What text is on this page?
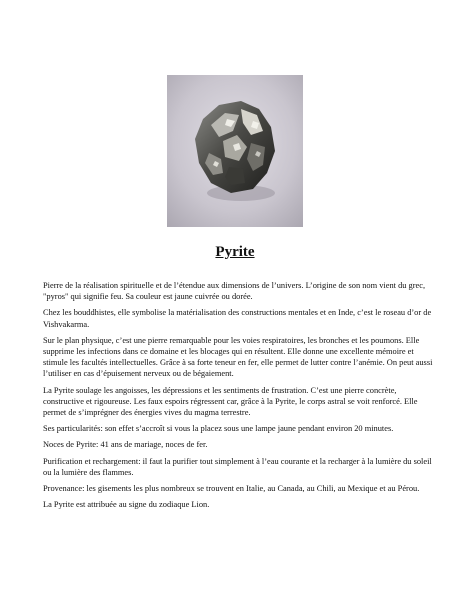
Pyrite

Pierre de la réalisation spirituelle et de l’étendue aux dimensions de l’univers. L’origine de son nom vient du grec, "pyros" qui signifie feu. Sa couleur est jaune cuivrée ou dorée.

Chez les bouddhistes, elle symbolise la matérialisation des constructions mentales et en Inde, c’est le roseau d’or de Vishvakarma.

Sur le plan physique, c’est une pierre remarquable pour les voies respiratoires, les bronches et les poumons. Elle supprime les infections dans ce domaine et les blocages qui en résultent. Elle donne une excellente mémoire et stimule les facultés intellectuelles. Grâce à sa forte teneur en fer, elle permet de lutter contre l’anémie. On peut aussi l’utiliser en cas d’épuisement nerveux ou de bégaiement.

La Pyrite soulage les angoisses, les dépressions et les sentiments de frustration. C’est une pierre concrète, constructive et rigoureuse. Les faux espoirs régressent car, grâce à la Pyrite, le corps astral se voit renforcé. Elle permet de s’imprégner des énergies vives du magma terrestre.

Ses particularités: son effet s’accroît si vous la placez sous une lampe jaune pendant environ 20 minutes.

Noces de Pyrite: 41 ans de mariage, noces de fer.

Purification et rechargement: il faut la purifier tout simplement à l’eau courante et la recharger à la lumière du soleil ou la lumière des flammes.

Provenance: les gisements les plus nombreux se trouvent en Italie, au Canada, au Chili, au Mexique et au Pérou.

La Pyrite est attribuée au signe du zodiaque Lion.
